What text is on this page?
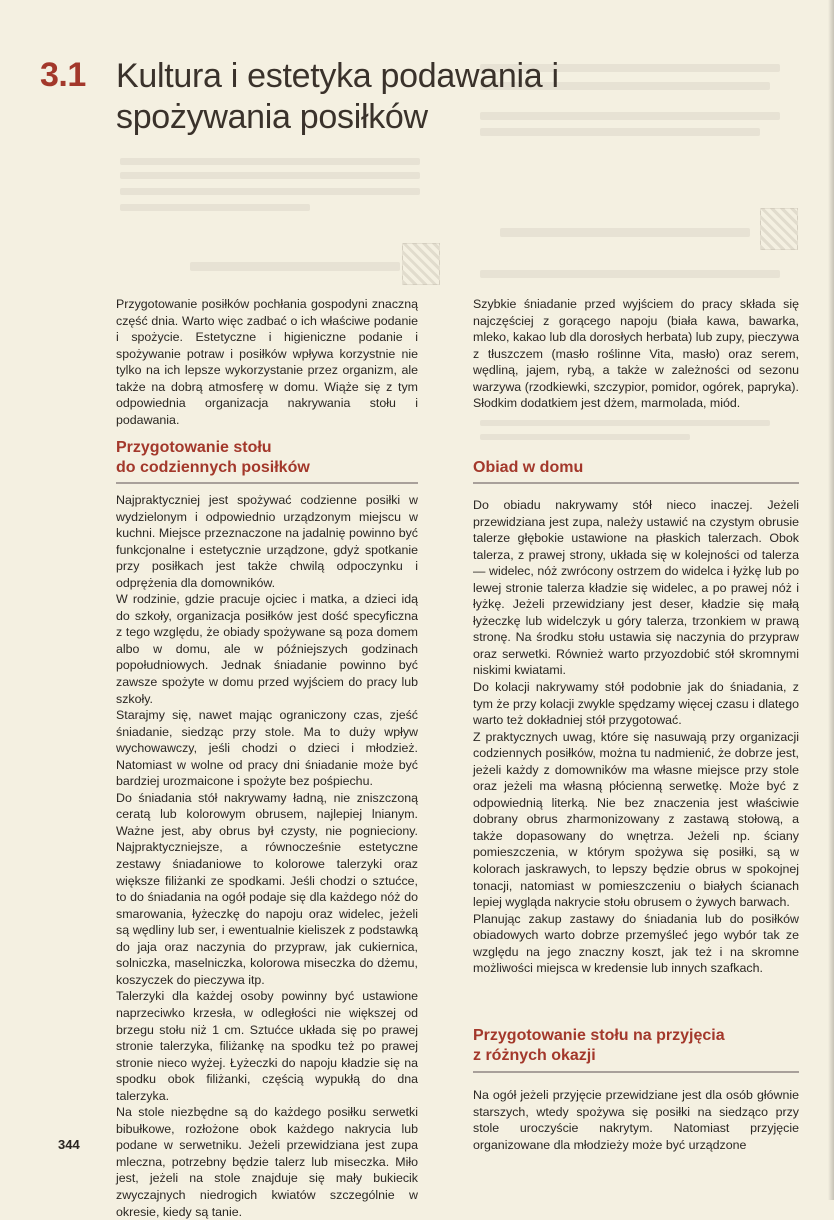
3.1 Kultura i estetyka podawania i spożywania posiłków

Przygotowanie posiłków pochłania gospodyni znaczną część dnia. Warto więc zadbać o ich właściwe podanie i spożycie. Estetyczne i higieniczne podanie i spożywanie potraw i posiłków wpływa korzystnie nie tylko na ich lepsze wykorzystanie przez organizm, ale także na dobrą atmosferę w domu. Wiąże się z tym odpowiednia organizacja nakrywania stołu i podawania.

Przygotowanie stołu
do codziennych posiłków

Najpraktyczniej jest spożywać codzienne posiłki w wydzielonym i odpowiednio urządzonym miejscu w kuchni. Miejsce przeznaczone na jadalnię powinno być funkcjonalne i estetycznie urządzone, gdyż spotkanie przy posiłkach jest także chwilą odpoczynku i odprężenia dla domowników.

W rodzinie, gdzie pracuje ojciec i matka, a dzieci idą do szkoły, organizacja posiłków jest dość specyficzna z tego względu, że obiady spożywane są poza domem albo w domu, ale w późniejszych godzinach popołudniowych. Jednak śniadanie powinno być zawsze spożyte w domu przed wyjściem do pracy lub szkoły.

Starajmy się, nawet mając ograniczony czas, zjeść śniadanie, siedząc przy stole. Ma to duży wpływ wychowawczy, jeśli chodzi o dzieci i młodzież. Natomiast w wolne od pracy dni śniadanie może być bardziej urozmaicone i spożyte bez pośpiechu.

Do śniadania stół nakrywamy ładną, nie zniszczoną ceratą lub kolorowym obrusem, najlepiej lnianym. Ważne jest, aby obrus był czysty, nie pognieciony. Najpraktyczniejsze, a równocześnie estetyczne zestawy śniadaniowe to kolorowe talerzyki oraz większe filiżanki ze spodkami. Jeśli chodzi o sztućce, to do śniadania na ogół podaje się dla każdego nóż do smarowania, łyżeczkę do napoju oraz widelec, jeżeli są wędliny lub ser, i ewentualnie kieliszek z podstawką do jaja oraz naczynia do przypraw, jak cukiernica, solniczka, maselniczka, kolorowa miseczka do dżemu, koszyczek do pieczywa itp.

Talerzyki dla każdej osoby powinny być ustawione naprzeciwko krzesła, w odległości nie większej od brzegu stołu niż 1 cm. Sztućce układa się po prawej stronie talerzyka, filiżankę na spodku też po prawej stronie nieco wyżej. Łyżeczki do napoju kładzie się na spodku obok filiżanki, częścią wypukłą do dna talerzyka.

Na stole niezbędne są do każdego posiłku serwetki bibułkowe, rozłożone obok każdego nakrycia lub podane w serwetniku. Jeżeli przewidziana jest zupa mleczna, potrzebny będzie talerz lub miseczka. Miło jest, jeżeli na stole znajduje się mały bukiecik zwyczajnych niedrogich kwiatów szczególnie w okresie, kiedy są tanie.

Szybkie śniadanie przed wyjściem do pracy składa się najczęściej z gorącego napoju (biała kawa, bawarka, mleko, kakao lub dla dorosłych herbata) lub zupy, pieczywa z tłuszczem (masło roślinne Vita, masło) oraz serem, wędliną, jajem, rybą, a także w zależności od sezonu warzywa (rzodkiewki, szczypior, pomidor, ogórek, papryka). Słodkim dodatkiem jest dżem, marmolada, miód.

Obiad w domu

Do obiadu nakrywamy stół nieco inaczej. Jeżeli przewidziana jest zupa, należy ustawić na czystym obrusie talerze głębokie ustawione na płaskich talerzach. Obok talerza, z prawej strony, układa się w kolejności od talerza — widelec, nóż zwrócony ostrzem do widelca i łyżkę lub po lewej stronie talerza kładzie się widelec, a po prawej nóż i łyżkę. Jeżeli przewidziany jest deser, kładzie się małą łyżeczkę lub widelczyk u góry talerza, trzonkiem w prawą stronę. Na środku stołu ustawia się naczynia do przypraw oraz serwetki. Również warto przyozdobić stół skromnymi niskimi kwiatami.

Do kolacji nakrywamy stół podobnie jak do śniadania, z tym że przy kolacji zwykle spędzamy więcej czasu i dlatego warto też dokładniej stół przygotować.

Z praktycznych uwag, które się nasuwają przy organizacji codziennych posiłków, można tu nadmienić, że dobrze jest, jeżeli każdy z domowników ma własne miejsce przy stole oraz jeżeli ma własną płócienną serwetkę. Może być z odpowiednią literką. Nie bez znaczenia jest właściwie dobrany obrus zharmonizowany z zastawą stołową, a także dopasowany do wnętrza. Jeżeli np. ściany pomieszczenia, w którym spożywa się posiłki, są w kolorach jaskrawych, to lepszy będzie obrus w spokojnej tonacji, natomiast w pomieszczeniu o białych ścianach lepiej wygląda nakrycie stołu obrusem o żywych barwach.

Planując zakup zastawy do śniadania lub do posiłków obiadowych warto dobrze przemyśleć jego wybór tak ze względu na jego znaczny koszt, jak też i na skromne możliwości miejsca w kredensie lub innych szafkach.

Przygotowanie stołu na przyjęcia
z różnych okazji

Na ogół jeżeli przyjęcie przewidziane jest dla osób głównie starszych, wtedy spożywa się posiłki na siedząco przy stole uroczyście nakrytym. Natomiast przyjęcie organizowane dla młodzieży może być urządzone

344
